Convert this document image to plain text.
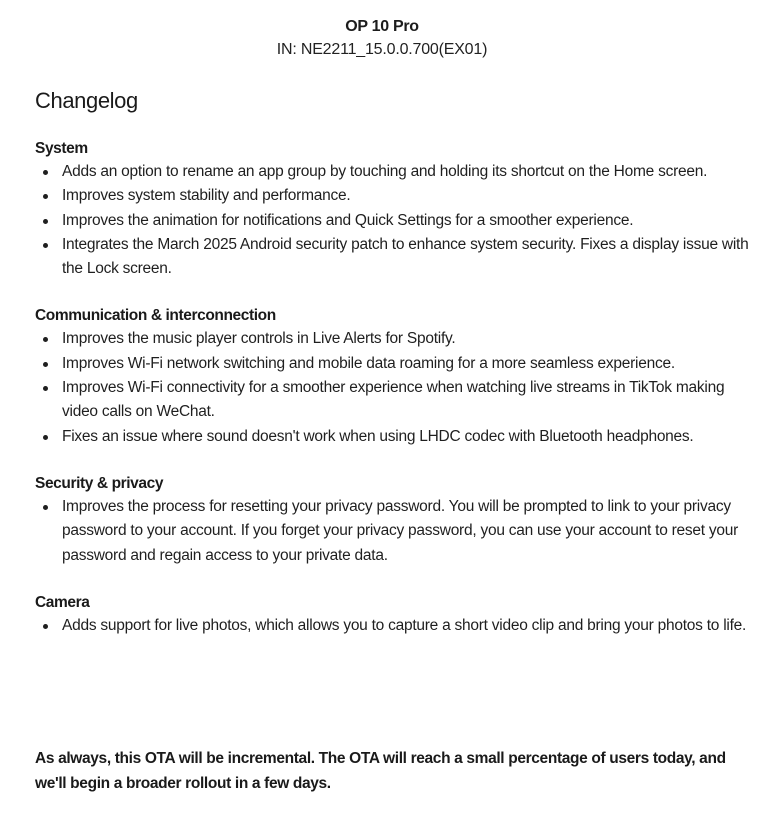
OP 10 Pro
IN: NE2211_15.0.0.700(EX01)
Changelog
System
Adds an option to rename an app group by touching and holding its shortcut on the Home screen.
Improves system stability and performance.
Improves the animation for notifications and Quick Settings for a smoother experience.
Integrates the March 2025 Android security patch to enhance system security. Fixes a display issue with the Lock screen.
Communication & interconnection
Improves the music player controls in Live Alerts for Spotify.
Improves Wi-Fi network switching and mobile data roaming for a more seamless experience.
Improves Wi-Fi connectivity for a smoother experience when watching live streams in TikTok making video calls on WeChat.
Fixes an issue where sound doesn't work when using LHDC codec with Bluetooth headphones.
Security & privacy
Improves the process for resetting your privacy password. You will be prompted to link to your privacy password to your account. If you forget your privacy password, you can use your account to reset your password and regain access to your private data.
Camera
Adds support for live photos, which allows you to capture a short video clip and bring your photos to life.
As always, this OTA will be incremental. The OTA will reach a small percentage of users today, and we'll begin a broader rollout in a few days.
